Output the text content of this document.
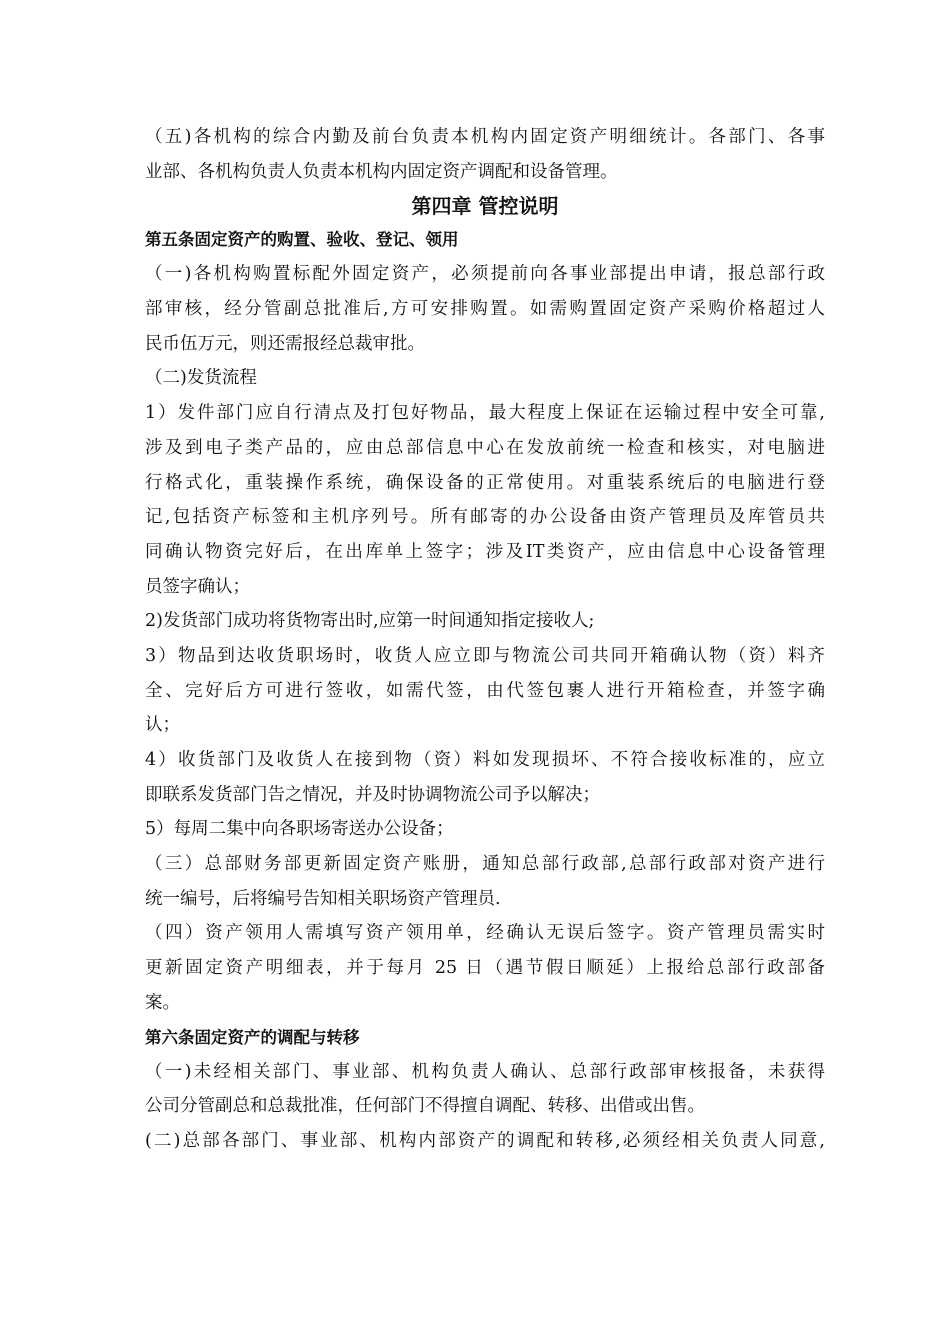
（五)各机构的综合内勤及前台负责本机构内固定资产明细统计。各部门、各事
业部、各机构负责人负责本机构内固定资产调配和设备管理。
第四章 管控说明
第五条固定资产的购置、验收、登记、领用
（一)各机构购置标配外固定资产，必须提前向各事业部提出申请，报总部行政
部审核，经分管副总批准后,方可安排购置。如需购置固定资产采购价格超过人
民币伍万元，则还需报经总裁审批。
（二)发货流程
1）发件部门应自行清点及打包好物品，最大程度上保证在运输过程中安全可靠,
涉及到电子类产品的，应由总部信息中心在发放前统一检查和核实，对电脑进
行格式化，重装操作系统，确保设备的正常使用。对重装系统后的电脑进行登
记,包括资产标签和主机序列号。所有邮寄的办公设备由资产管理员及库管员共
同确认物资完好后，在出库单上签字；涉及IT类资产，应由信息中心设备管理
员签字确认；
2)发货部门成功将货物寄出时,应第一时间通知指定接收人;
3）物品到达收货职场时，收货人应立即与物流公司共同开箱确认物（资）料齐
全、完好后方可进行签收，如需代签，由代签包裹人进行开箱检查，并签字确
认；
4）收货部门及收货人在接到物（资）料如发现损坏、不符合接收标准的，应立
即联系发货部门告之情况，并及时协调物流公司予以解决；
5）每周二集中向各职场寄送办公设备；
（三）总部财务部更新固定资产账册，通知总部行政部,总部行政部对资产进行
统一编号，后将编号告知相关职场资产管理员.
（四）资产领用人需填写资产领用单，经确认无误后签字。资产管理员需实时
更新固定资产明细表，并于每月 25 日（遇节假日顺延）上报给总部行政部备
案。
第六条固定资产的调配与转移
（一)未经相关部门、事业部、机构负责人确认、总部行政部审核报备，未获得
公司分管副总和总裁批准，任何部门不得擅自调配、转移、出借或出售。
(二)总部各部门、事业部、机构内部资产的调配和转移,必须经相关负责人同意,
